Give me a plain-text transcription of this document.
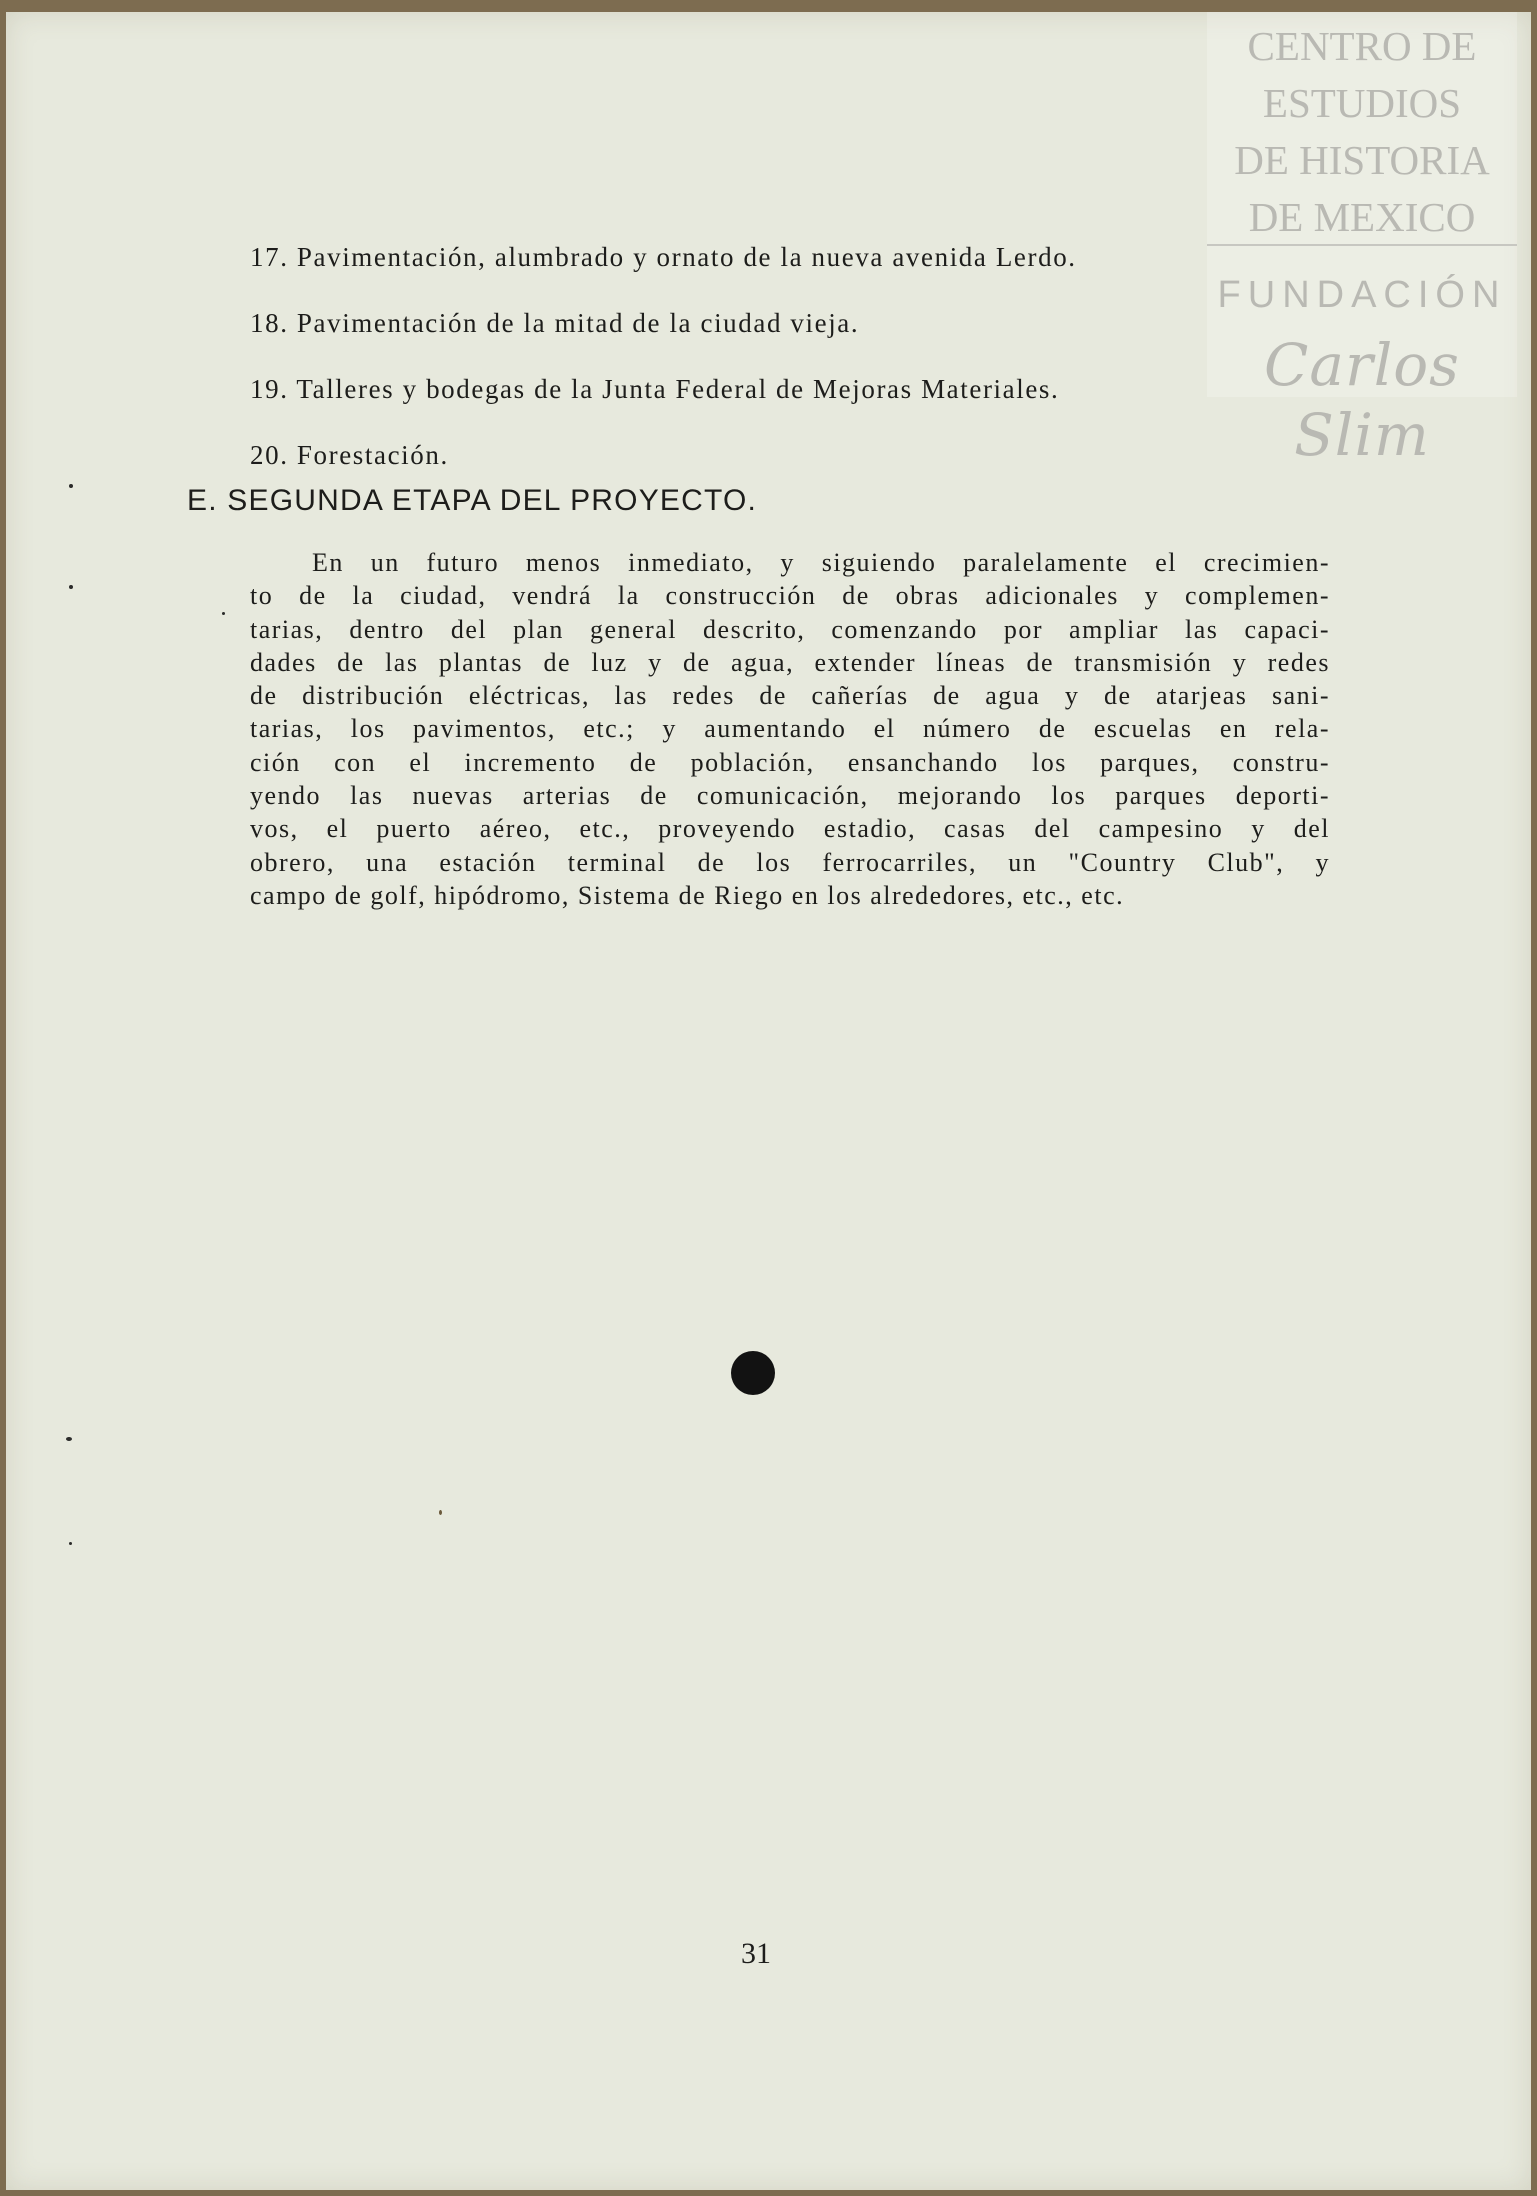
CENTRO DE
ESTUDIOS
DE HISTORIA
DE MEXICO
FUNDACIÓN
Carlos Slim
17. Pavimentación, alumbrado y ornato de la nueva avenida Lerdo.
18. Pavimentación de la mitad de la ciudad vieja.
19. Talleres y bodegas de la Junta Federal de Mejoras Materiales.
20. Forestación.
E. SEGUNDA ETAPA DEL PROYECTO.
En un futuro menos inmediato, y siguiendo paralelamente el crecimien-
to de la ciudad, vendrá la construcción de obras adicionales y complemen-
tarias, dentro del plan general descrito, comenzando por ampliar las capaci-
dades de las plantas de luz y de agua, extender líneas de transmisión y redes
de distribución eléctricas, las redes de cañerías de agua y de atarjeas sani-
tarias, los pavimentos, etc.; y aumentando el número de escuelas en rela-
ción con el incremento de población, ensanchando los parques, constru-
yendo las nuevas arterias de comunicación, mejorando los parques deporti-
vos, el puerto aéreo, etc., proveyendo estadio, casas del campesino y del
obrero, una estación terminal de los ferrocarriles, un "Country Club", y
campo de golf, hipódromo, Sistema de Riego en los alrededores, etc., etc.
31
